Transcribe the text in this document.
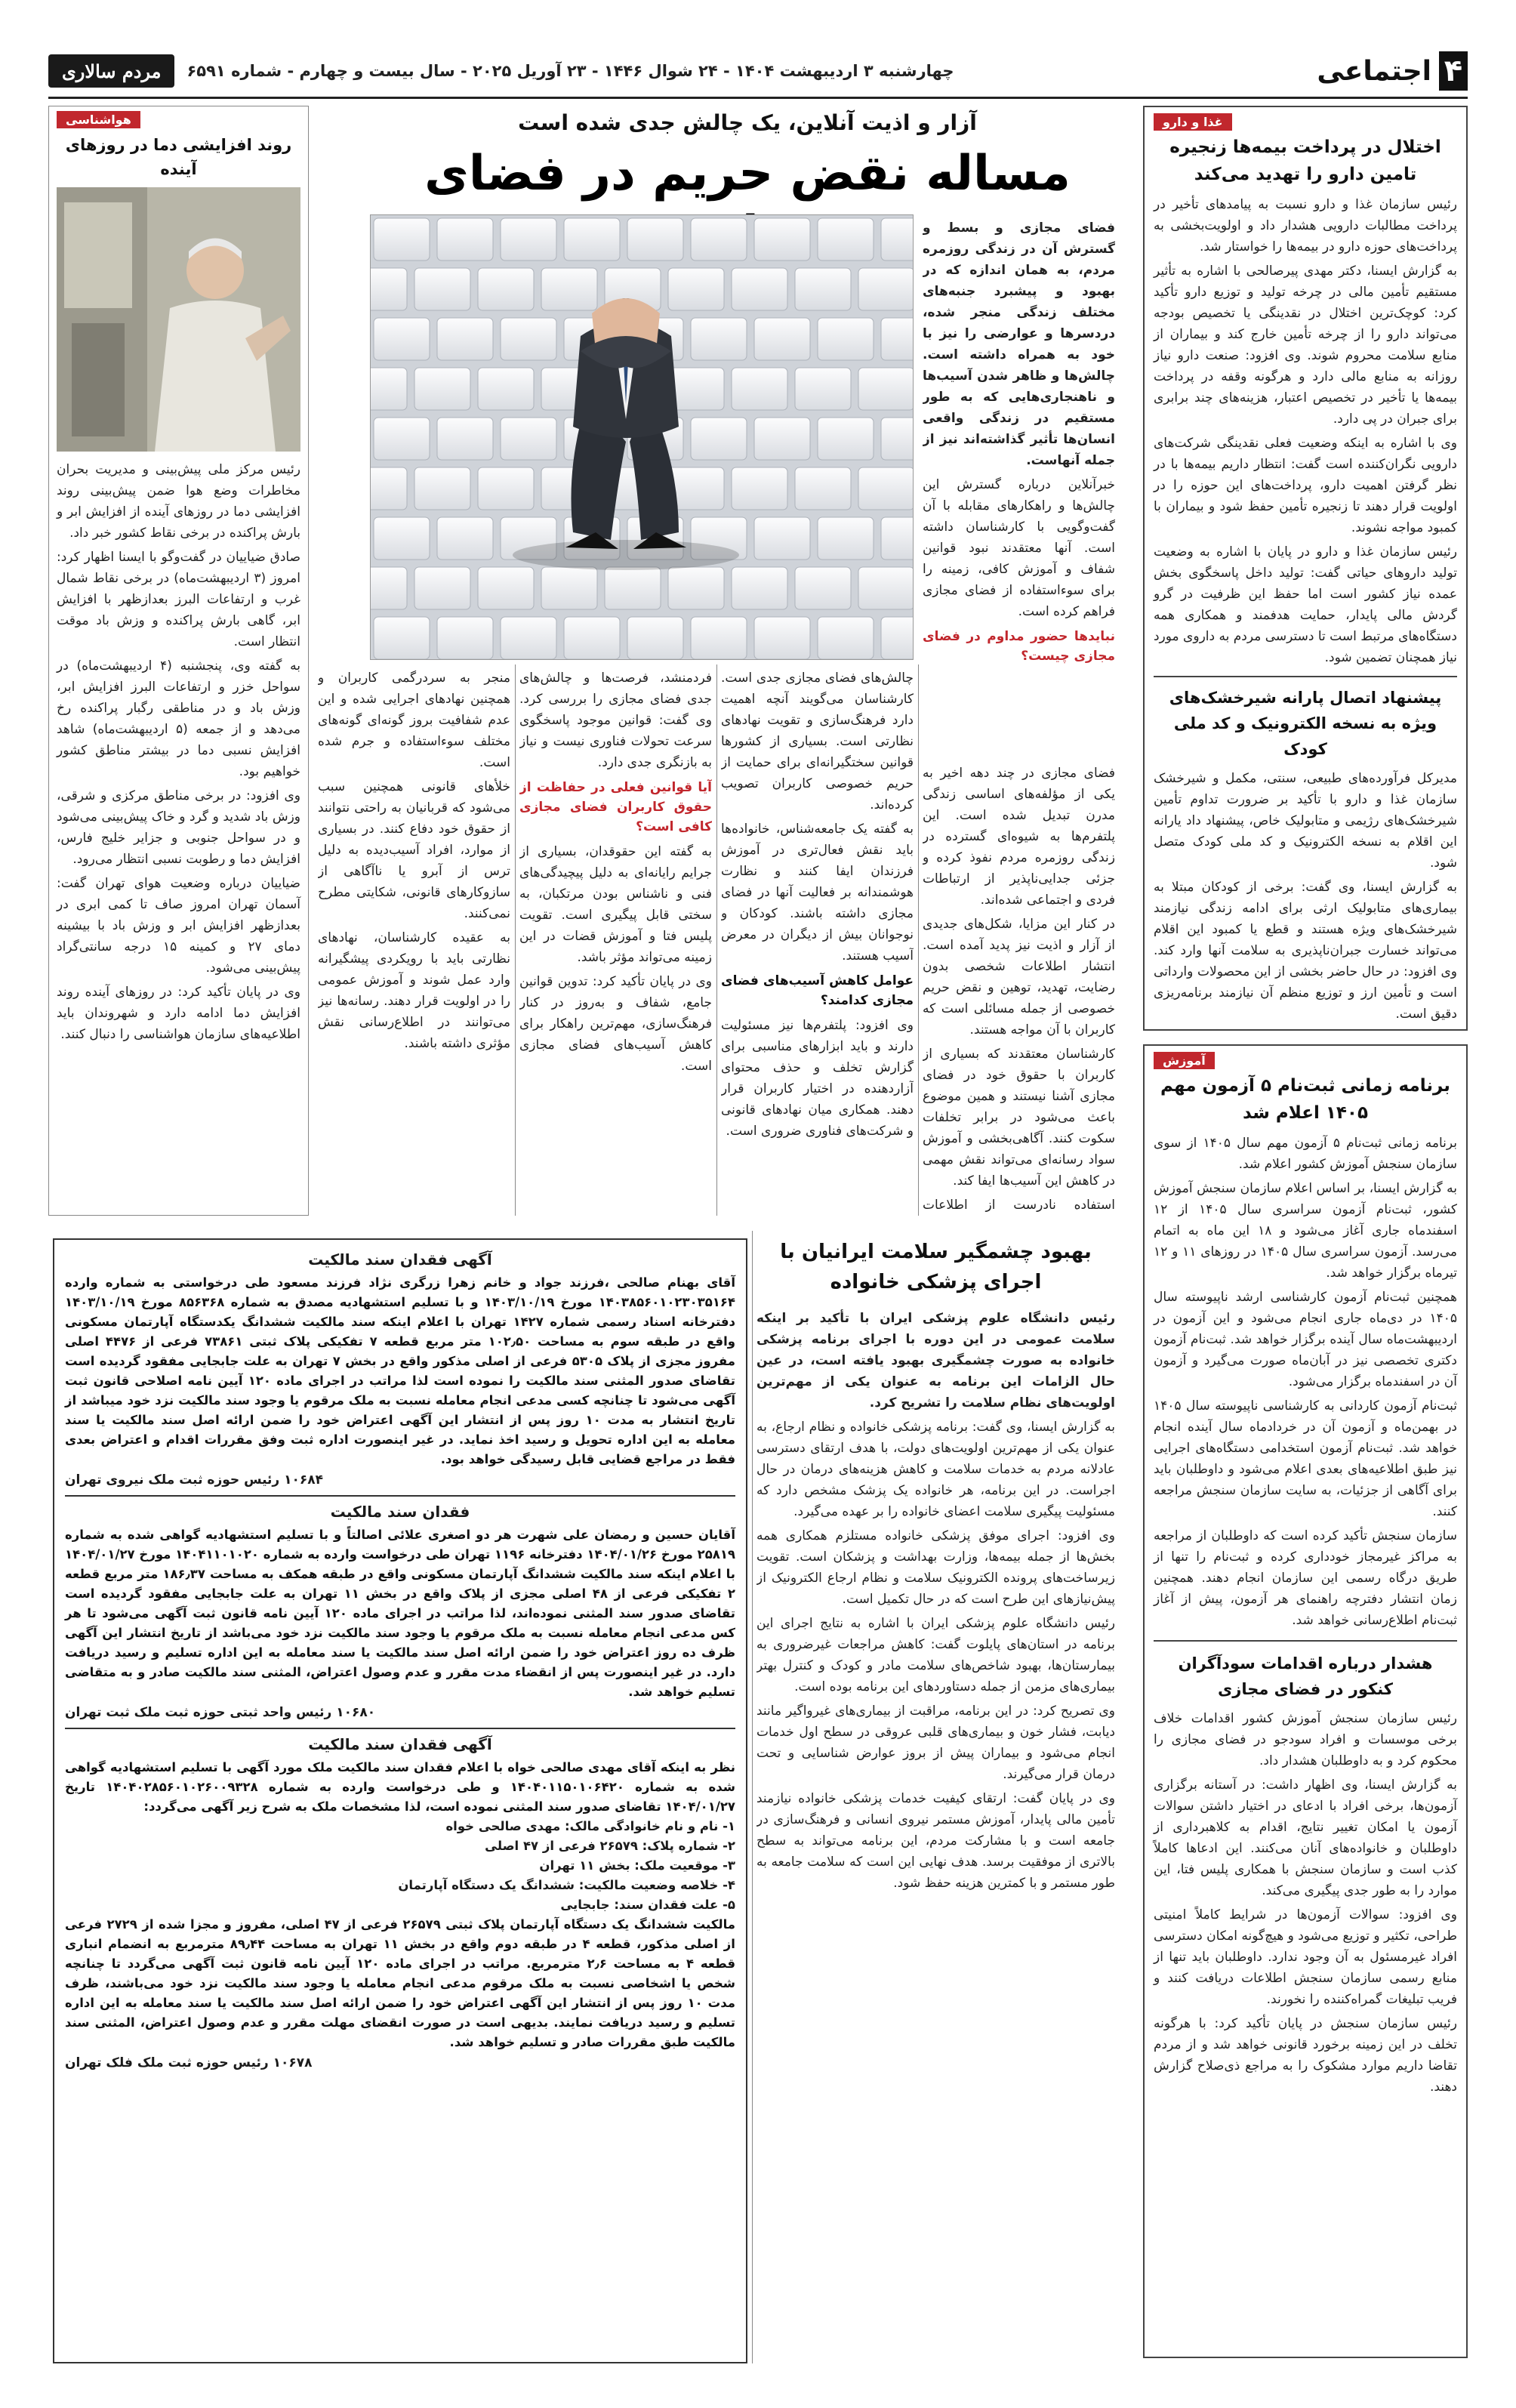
۴
اجتماعی
چهارشنبه ۳ اردیبهشت ۱۴۰۴ - ۲۴ شوال ۱۴۴۶ - ۲۳ آوریل ۲۰۲۵ - سال بیست و چهارم - شماره ۶۵۹۱
مردم سالاری
غذا و دارو
اختلال در پرداخت بیمه‌ها زنجیره تامین دارو را تهدید می‌کند

رئیس سازمان غذا و دارو نسبت به پیامدهای تأخیر در پرداخت مطالبات دارویی هشدار داد و اولویت‌بخشی به پرداخت‌های حوزه دارو در بیمه‌ها را خواستار شد.

به گزارش ایسنا، دکتر مهدی پیرصالحی با اشاره به تأثیر مستقیم تأمین مالی در چرخه تولید و توزیع دارو تأکید کرد: کوچک‌ترین اختلال در نقدینگی یا تخصیص بودجه می‌تواند دارو را از چرخه تأمین خارج کند و بیماران از منابع سلامت محروم شوند. وی افزود: صنعت دارو نیاز روزانه به منابع مالی دارد و هرگونه وقفه در پرداخت بیمه‌ها یا تأخیر در تخصیص اعتبار، هزینه‌های چند برابری برای جبران در پی دارد.

وی با اشاره به اینکه وضعیت فعلی نقدینگی شرکت‌های دارویی نگران‌کننده است گفت: انتظار داریم بیمه‌ها با در نظر گرفتن اهمیت دارو، پرداخت‌های این حوزه را در اولویت قرار دهند تا زنجیره تأمین حفظ شود و بیماران با کمبود مواجه نشوند.

رئیس سازمان غذا و دارو در پایان با اشاره به وضعیت تولید داروهای حیاتی گفت: تولید داخل پاسخگوی بخش عمده نیاز کشور است اما حفظ این ظرفیت در گرو گردش مالی پایدار، حمایت هدفمند و همکاری همه دستگاه‌های مرتبط است تا دسترسی مردم به داروی مورد نیاز همچنان تضمین شود.

پیشنهاد اتصال پارانه شیرخشک‌های ویژه به نسخه الکترونیک و کد ملی کودک

مدیرکل فرآورده‌های طبیعی، سنتی، مکمل و شیرخشک سازمان غذا و دارو با تأکید بر ضرورت تداوم تأمین شیرخشک‌های رژیمی و متابولیک خاص، پیشنهاد داد یارانه این اقلام به نسخه الکترونیک و کد ملی کودک متصل شود.

به گزارش ایسنا، وی گفت: برخی از کودکان مبتلا به بیماری‌های متابولیک ارثی برای ادامه زندگی نیازمند شیرخشک‌های ویژه هستند و قطع یا کمبود این اقلام می‌تواند خسارت جبران‌ناپذیری به سلامت آنها وارد کند. وی افزود: در حال حاضر بخشی از این محصولات وارداتی است و تأمین ارز و توزیع منظم آن نیازمند برنامه‌ریزی دقیق است.

آموزش
برنامه زمانی ثبت‌نام ۵ آزمون مهم ۱۴۰۵ اعلام شد

برنامه زمانی ثبت‌نام ۵ آزمون مهم سال ۱۴۰۵ از سوی سازمان سنجش آموزش کشور اعلام شد.

به گزارش ایسنا، بر اساس اعلام سازمان سنجش آموزش کشور، ثبت‌نام آزمون سراسری سال ۱۴۰۵ از ۱۲ اسفندماه جاری آغاز می‌شود و ۱۸ این ماه به اتمام می‌رسد. آزمون سراسری سال ۱۴۰۵ در روزهای ۱۱ و ۱۲ تیرماه برگزار خواهد شد.

همچنین ثبت‌نام آزمون کارشناسی ارشد ناپیوسته سال ۱۴۰۵ در دی‌ماه جاری انجام می‌شود و این آزمون در اردیبهشت‌ماه سال آینده برگزار خواهد شد. ثبت‌نام آزمون دکتری تخصصی نیز در آبان‌ماه صورت می‌گیرد و آزمون آن در اسفندماه برگزار می‌شود.

ثبت‌نام آزمون کاردانی به کارشناسی ناپیوسته سال ۱۴۰۵ در بهمن‌ماه و آزمون آن در خردادماه سال آینده انجام خواهد شد. ثبت‌نام آزمون استخدامی دستگاه‌های اجرایی نیز طبق اطلاعیه‌های بعدی اعلام می‌شود و داوطلبان باید برای آگاهی از جزئیات، به سایت سازمان سنجش مراجعه کنند.

سازمان سنجش تأکید کرده است که داوطلبان از مراجعه به مراکز غیرمجاز خودداری کرده و ثبت‌نام را تنها از طریق درگاه رسمی این سازمان انجام دهند. همچنین زمان انتشار دفترچه راهنمای هر آزمون، پیش از آغاز ثبت‌نام اطلاع‌رسانی خواهد شد.

هشدار درباره اقدامات سودآگران کنکور در فضای مجازی

رئیس سازمان سنجش آموزش کشور اقدامات خلاف برخی موسسات و افراد سودجو در فضای مجازی را محکوم کرد و به داوطلبان هشدار داد.

به گزارش ایسنا، وی اظهار داشت: در آستانه برگزاری آزمون‌ها، برخی افراد با ادعای در اختیار داشتن سوالات آزمون یا امکان تغییر نتایج، اقدام به کلاهبرداری از داوطلبان و خانواده‌های آنان می‌کنند. این ادعاها کاملاً کذب است و سازمان سنجش با همکاری پلیس فتا، این موارد را به طور جدی پیگیری می‌کند.

وی افزود: سوالات آزمون‌ها در شرایط کاملاً امنیتی طراحی، تکثیر و توزیع می‌شود و هیچ‌گونه امکان دسترسی افراد غیرمسئول به آن وجود ندارد. داوطلبان باید تنها از منابع رسمی سازمان سنجش اطلاعات دریافت کنند و فریب تبلیغات گمراه‌کننده را نخورند.

رئیس سازمان سنجش در پایان تأکید کرد: با هرگونه تخلف در این زمینه برخورد قانونی خواهد شد و از مردم تقاضا داریم موارد مشکوک را به مراجع ذی‌صلاح گزارش دهند.

آزار و اذیت آنلاین، یک چالش جدی شده است
مساله نقض حریم در فضای

فضای مجازی و بسط و گسترش آن در زندگی روزمره مردم، به همان اندازه که در بهبود و پیشبرد جنبه‌های مختلف زندگی منجر شده، دردسرها و عوارضی را نیز با خود به همراه داشته است. چالش‌ها و ظاهر شدن آسیب‌ها و ناهنجاری‌هایی که به طور مستقیم در زندگی واقعی انسان‌ها تأثیر گذاشته‌اند نیز از جمله آنهاست.

خبرآنلاین درباره گسترش این چالش‌ها و راهکارهای مقابله با آن گفت‌وگویی با کارشناسان داشته است. آنها معتقدند نبود قوانین شفاف و آموزش کافی، زمینه را برای سوءاستفاده از فضای مجازی فراهم کرده است.

نبایدها حضور مداوم در فضای مجازی چیست؟

فضای مجازی در چند دهه اخیر به یکی از مؤلفه‌های اساسی زندگی مدرن تبدیل شده است. این پلتفرم‌ها به شیوه‌ای گسترده در زندگی روزمره مردم نفوذ کرده و جزئی جدایی‌ناپذیر از ارتباطات فردی و اجتماعی شده‌اند.

در کنار این مزایا، شکل‌های جدیدی از آزار و اذیت نیز پدید آمده است. انتشار اطلاعات شخصی بدون رضایت، تهدید، توهین و نقض حریم خصوصی از جمله مسائلی است که کاربران با آن مواجه هستند.

کارشناسان معتقدند که بسیاری از کاربران با حقوق خود در فضای مجازی آشنا نیستند و همین موضوع باعث می‌شود در برابر تخلفات سکوت کنند. آگاهی‌بخشی و آموزش سواد رسانه‌ای می‌تواند نقش مهمی در کاهش این آسیب‌ها ایفا کند.

استفاده نادرست از اطلاعات

چالش‌های فضای مجازی جدی است. کارشناسان می‌گویند آنچه اهمیت دارد فرهنگ‌سازی و تقویت نهادهای نظارتی است. بسیاری از کشورها قوانین سختگیرانه‌ای برای حمایت از حریم خصوصی کاربران تصویب کرده‌اند.

به گفته یک جامعه‌شناس، خانواده‌ها باید نقش فعال‌تری در آموزش فرزندان ایفا کنند و نظارت هوشمندانه بر فعالیت آنها در فضای مجازی داشته باشند. کودکان و نوجوانان بیش از دیگران در معرض آسیب هستند.

عوامل کاهش آسیب‌های فضای مجازی کدامند؟

وی افزود: پلتفرم‌ها نیز مسئولیت دارند و باید ابزارهای مناسبی برای گزارش تخلف و حذف محتوای آزاردهنده در اختیار کاربران قرار دهند. همکاری میان نهادهای قانونی و شرکت‌های فناوری ضروری است.

فردمنشد، فرصت‌ها و چالش‌های جدی فضای مجازی را بررسی کرد. وی گفت: قوانین موجود پاسخگوی سرعت تحولات فناوری نیست و نیاز به بازنگری جدی دارد.

آیا قوانین فعلی در حفاظت از حقوق کاربران فضای مجازی کافی است؟

به گفته این حقوقدان، بسیاری از جرایم رایانه‌ای به دلیل پیچیدگی‌های فنی و ناشناس بودن مرتکبان، به سختی قابل پیگیری است. تقویت پلیس فتا و آموزش قضات در این زمینه می‌تواند مؤثر باشد.

وی در پایان تأکید کرد: تدوین قوانین جامع، شفاف و به‌روز در کنار فرهنگ‌سازی، مهم‌ترین راهکار برای کاهش آسیب‌های فضای مجازی است.

منجر به سردرگمی کاربران و همچنین نهادهای اجرایی شده و این عدم شفافیت بروز گونه‌ای گونه‌های مختلف سوءاستفاده و جرم شده است.

خلأهای قانونی همچنین سبب می‌شود که قربانیان به راحتی نتوانند از حقوق خود دفاع کنند. در بسیاری از موارد، افراد آسیب‌دیده به دلیل ترس از آبرو یا ناآگاهی از سازوکارهای قانونی، شکایتی مطرح نمی‌کنند.

به عقیده کارشناسان، نهادهای نظارتی باید با رویکردی پیشگیرانه وارد عمل شوند و آموزش عمومی را در اولویت قرار دهند. رسانه‌ها نیز می‌توانند در اطلاع‌رسانی نقش مؤثری داشته باشند.

هواشناسی
روند افزایشی دما در روزهای آینده

رئیس مرکز ملی پیش‌بینی و مدیریت بحران مخاطرات وضع هوا ضمن پیش‌بینی روند افزایشی دما در روزهای آینده از افزایش ابر و بارش پراکنده در برخی نقاط کشور خبر داد.

صادق ضیاییان در گفت‌وگو با ایسنا اظهار کرد: امروز (۳ اردیبهشت‌ماه) در برخی نقاط شمال غرب و ارتفاعات البرز بعدازظهر با افزایش ابر، گاهی بارش پراکنده و وزش باد موقت انتظار است.

به گفته وی، پنجشنبه (۴ اردیبهشت‌ماه) در سواحل خزر و ارتفاعات البرز افزایش ابر، وزش باد و در مناطقی رگبار پراکنده رخ می‌دهد و از جمعه (۵ اردیبهشت‌ماه) شاهد افزایش نسبی دما در بیشتر مناطق کشور خواهیم بود.

وی افزود: در برخی مناطق مرکزی و شرقی، وزش باد شدید و گرد و خاک پیش‌بینی می‌شود و در سواحل جنوبی و جزایر خلیج فارس، افزایش دما و رطوبت نسبی انتظار می‌رود.

ضیاییان درباره وضعیت هوای تهران گفت: آسمان تهران امروز صاف تا کمی ابری در بعدازظهر افزایش ابر و وزش باد با بیشینه دمای ۲۷ و کمینه ۱۵ درجه سانتی‌گراد پیش‌بینی می‌شود.

وی در پایان تأکید کرد: در روزهای آینده روند افزایش دما ادامه دارد و شهروندان باید اطلاعیه‌های سازمان هواشناسی را دنبال کنند.

بهبود چشمگیر سلامت ایرانیان با اجرای پزشکی خانواده

رئیس دانشگاه علوم پزشکی ایران با تأکید بر اینکه سلامت عمومی در این دوره با اجرای برنامه پزشکی خانواده به صورت چشمگیری بهبود یافته است، در عین حال الزامات این برنامه به عنوان یکی از مهم‌ترین اولویت‌های نظام سلامت را تشریح کرد.

به گزارش ایسنا، وی گفت: برنامه پزشکی خانواده و نظام ارجاع، به عنوان یکی از مهم‌ترین اولویت‌های دولت، با هدف ارتقای دسترسی عادلانه مردم به خدمات سلامت و کاهش هزینه‌های درمان در حال اجراست. در این برنامه، هر خانواده یک پزشک مشخص دارد که مسئولیت پیگیری سلامت اعضای خانواده را بر عهده می‌گیرد.

وی افزود: اجرای موفق پزشکی خانواده مستلزم همکاری همه بخش‌ها از جمله بیمه‌ها، وزارت بهداشت و پزشکان است. تقویت زیرساخت‌های پرونده الکترونیک سلامت و نظام ارجاع الکترونیک از پیش‌نیازهای این طرح است که در حال تکمیل است.

رئیس دانشگاه علوم پزشکی ایران با اشاره به نتایج اجرای این برنامه در استان‌های پایلوت گفت: کاهش مراجعات غیرضروری به بیمارستان‌ها، بهبود شاخص‌های سلامت مادر و کودک و کنترل بهتر بیماری‌های مزمن از جمله دستاوردهای این برنامه بوده است.

وی تصریح کرد: در این برنامه، مراقبت از بیماری‌های غیرواگیر مانند دیابت، فشار خون و بیماری‌های قلبی عروقی در سطح اول خدمات انجام می‌شود و بیماران پیش از بروز عوارض شناسایی و تحت درمان قرار می‌گیرند.

وی در پایان گفت: ارتقای کیفیت خدمات پزشکی خانواده نیازمند تأمین مالی پایدار، آموزش مستمر نیروی انسانی و فرهنگ‌سازی در جامعه است و با مشارکت مردم، این برنامه می‌تواند به سطح بالاتری از موفقیت برسد. هدف نهایی این است که سلامت جامعه به طور مستمر و با کمترین هزینه حفظ شود.

آگهی فقدان سند مالکیت
آقای بهنام صالحی ،فرزند جواد و خانم زهرا زرگری نژاد فرزند مسعود طی درخواستی به شماره وارده ۱۴۰۳۸۵۶۰۱۰۲۳۰۳۵۱۶۴ مورخ ۱۴۰۳/۱۰/۱۹ و با تسلیم استشهادیه مصدق به شماره ۸۵۶۳۶۸ مورخ ۱۴۰۳/۱۰/۱۹ دفترخانه اسناد رسمی شماره ۱۴۲۷ تهران با اعلام اینکه سند مالکیت ششدانگ یکدستگاه آپارتمان مسکونی واقع در طبقه سوم به مساحت ۱۰۲٫۵۰ متر مربع قطعه ۷ تفکیکی پلاک ثبتی ۷۳۸۶۱ فرعی از ۴۴۷۶ اصلی مفروز مجزی از پلاک ۵۳۰۵ فرعی از اصلی مذکور واقع در بخش ۷ تهران به علت جابجایی مفقود گردیده است تقاضای صدور المثنی سند مالکیت را نموده است لذا مراتب در اجرای ماده ۱۲۰ آیین نامه اصلاحی قانون ثبت آگهی می‌شود تا چنانچه کسی مدعی انجام معامله نسبت به ملک مرقوم یا وجود سند مالکیت نزد خود میباشد از تاریخ انتشار به مدت ۱۰ روز پس از انتشار این آگهی اعتراض خود را ضمن ارائه اصل سند مالکیت یا سند معامله به این اداره تحویل و رسید اخذ نماید. در غیر اینصورت اداره ثبت وفق مقررات اقدام و اعتراض بعدی فقط در مراجع قضایی قابل رسیدگی خواهد بود.
۱۰۶۸۴ رئیس حوزه ثبت ملک نیروی تهران
فقدان سند مالکیت
آقایان حسین و رمضان علی شهرت هر دو اصغری علائی اصالتاً و با تسلیم استشهادیه گواهی شده به شماره ۲۵۸۱۹ مورخ ۱۴۰۴/۰۱/۲۶ دفترخانه ۱۱۹۶ تهران طی درخواست وارده به شماره ۱۴۰۴۱۱۰۱۰۲۰ مورخ ۱۴۰۴/۰۱/۲۷ با اعلام اینکه سند مالکیت ششدانگ آپارتمان مسکونی واقع در طبقه همکف به مساحت ۱۸۶٫۳۷ متر مربع قطعه ۲ تفکیکی فرعی از ۴۸ اصلی مجزی از پلاک واقع در بخش ۱۱ تهران به علت جابجایی مفقود گردیده است تقاضای صدور سند المثنی نموده‌اند، لذا مراتب در اجرای ماده ۱۲۰ آیین نامه قانون ثبت آگهی می‌شود تا هر کس مدعی انجام معامله نسبت به ملک مرقوم یا وجود سند مالکیت نزد خود می‌باشد از تاریخ انتشار این آگهی ظرف ده روز اعتراض خود را ضمن ارائه اصل سند مالکیت یا سند معامله به این اداره تسلیم و رسید دریافت دارد. در غیر اینصورت پس از انقضاء مدت مقرر و عدم وصول اعتراض، المثنی سند مالکیت صادر و به متقاضی تسلیم خواهد شد.
۱۰۶۸۰ رئیس واحد ثبتی حوزه ثبت ملک ثبت تهران
آگهی فقدان سند مالکیت
نظر به اینکه آقای مهدی صالحی خواه با اعلام فقدان سند مالکیت ملک مورد آگهی با تسلیم استشهادیه گواهی شده به شماره ۱۴۰۴۰۱۱۵۰۱۰۶۴۲۰ و طی درخواست وارده به شماره ۱۴۰۴۰۲۸۵۶۰۱۰۲۶۰۰۹۳۲۸ تاریخ ۱۴۰۴/۰۱/۲۷ تقاضای صدور سند المثنی نموده است، لذا مشخصات ملک به شرح زیر آگهی می‌گردد:
۱- نام و نام خانوادگی مالک: مهدی صالحی خواه
۲- شماره پلاک: ۲۶۵۷۹ فرعی از ۴۷ اصلی
۳- موقعیت ملک: بخش ۱۱ تهران
۴- خلاصه وضعیت مالکیت: ششدانگ یک دستگاه آپارتمان
۵- علت فقدان سند: جابجایی
مالکیت ششدانگ یک دستگاه آپارتمان پلاک ثبتی ۲۶۵۷۹ فرعی از ۴۷ اصلی، مفروز و مجزا شده از ۲۷۲۹ فرعی از اصلی مذکور، قطعه ۴ در طبقه دوم واقع در بخش ۱۱ تهران به مساحت ۸۹٫۴۴ مترمربع به انضمام انباری قطعه ۴ به مساحت ۲٫۶ مترمربع. مراتب در اجرای ماده ۱۲۰ آیین نامه قانون ثبت آگهی می‌گردد تا چنانچه شخص یا اشخاصی نسبت به ملک مرقوم مدعی انجام معامله یا وجود سند مالکیت نزد خود می‌باشند، ظرف مدت ۱۰ روز پس از انتشار این آگهی اعتراض خود را ضمن ارائه اصل سند مالکیت یا سند معامله به این اداره تسلیم و رسید دریافت نمایند. بدیهی است در صورت انقضای مهلت مقرر و عدم وصول اعتراض، المثنی سند مالکیت طبق مقررات صادر و تسلیم خواهد شد.
۱۰۶۷۸ رئیس حوزه ثبت ملک فلک تهران
